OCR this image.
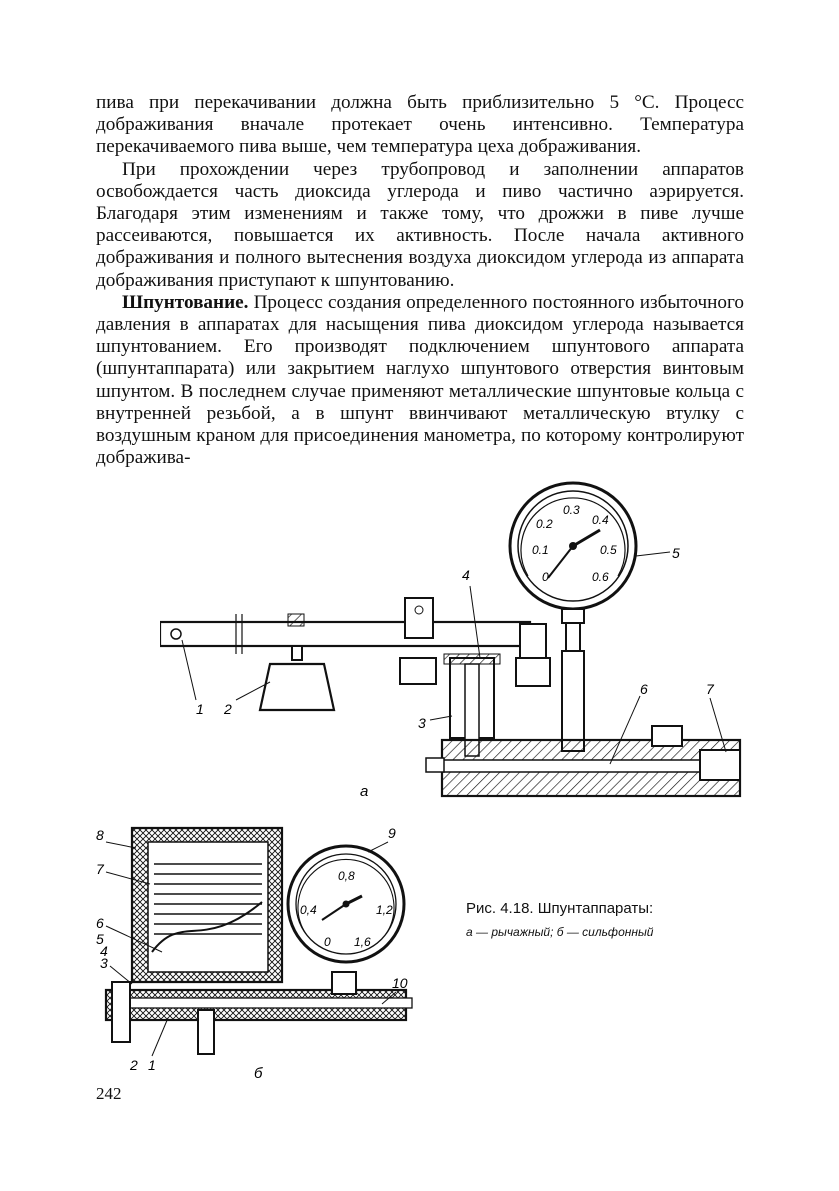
пива при перекачивании должна быть приблизительно 5 °С. Процесс дображивания вначале протекает очень интенсивно. Температура перекачиваемого пива выше, чем температура цеха дображивания.

При прохождении через трубопровод и заполнении аппаратов освобождается часть диоксида углерода и пиво частично аэрируется. Благодаря этим изменениям и также тому, что дрожжи в пиве лучше рассеиваются, повышается их активность. После начала активного дображивания и полного вытеснения воздуха диоксидом углерода из аппарата дображивания приступают к шпунтованию.

Шпунтование. Процесс создания определенного постоянного избыточного давления в аппаратах для насыщения пива диоксидом углерода называется шпунтованием. Его производят подключением шпунтового аппарата (шпунтаппарата) или закрытием наглухо шпунтового отверстия винтовым шпунтом. В последнем случае применяют металлические шпунтовые кольца с внутренней резьбой, а в шпунт ввинчивают металлическую втулку с воздушным краном для присоединения манометра, по которому контролируют дображива-

0
0.1
0.2
0.3
0.4
0.5
0.6
1 2
3
4
5
6	7
а
0
0,4
0,8
1,2
1,6
8
7
6
5
4
3
2 1
9
10
б
Рис. 4.18. Шпунтаппараты:
а — рычажный; б — сильфонный
242
